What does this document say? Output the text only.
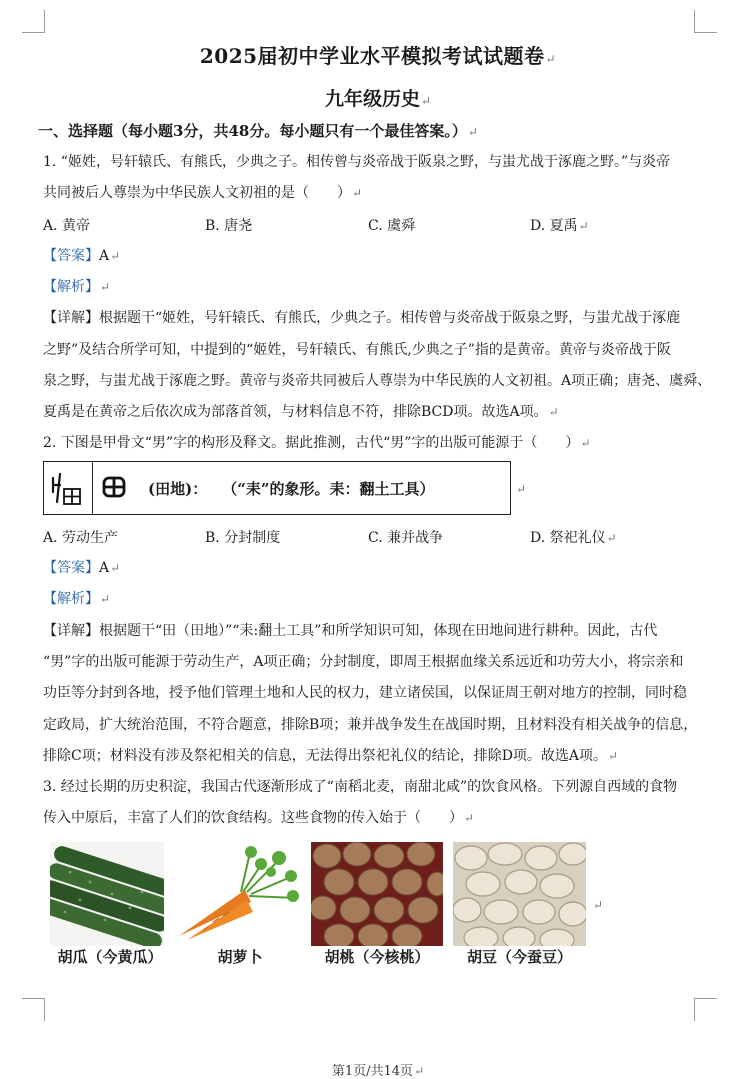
2025届初中学业水平模拟考试试题卷↵
九年级历史↵
一、选择题（每小题3分，共48分。每小题只有一个最佳答案。）↵
1. “姬姓，号轩辕氏、有熊氏，少典之子。相传曾与炎帝战于阪泉之野，与蚩尤战于涿鹿之野。”与炎帝
共同被后人尊崇为中华民族人文初祖的是（　　）↵
A. 黄帝	B. 唐尧	C. 虞舜	D. 夏禹↵
【答案】A↵
【解析】↵
【详解】根据题干“姬姓，号轩辕氏、有熊氏，少典之子。相传曾与炎帝战于阪泉之野，与蚩尤战于涿鹿
之野”及结合所学可知，中提到的“姬姓，号轩辕氏、有熊氏,少典之子”指的是黄帝。黄帝与炎帝战于阪
泉之野，与蚩尤战于涿鹿之野。黄帝与炎帝共同被后人尊崇为中华民族的人文初祖。A项正确；唐尧、虞舜、
夏禹是在黄帝之后依次成为部落首领，与材料信息不符，排除BCD项。故选A项。↵
2. 下图是甲骨文“男”字的构形及释文。据此推测，古代“男”字的出版可能源于（　　）↵
(田地)：　　（“耒”的象形。耒：翻土工具）	↵
A. 劳动生产	B. 分封制度	C. 兼并战争	D. 祭祀礼仪↵
【答案】A↵
【解析】↵
【详解】根据题干“田（田地）”“耒:翻土工具”和所学知识可知，体现在田地间进行耕种。因此，古代
“男”字的出版可能源于劳动生产，A项正确；分封制度，即周王根据血缘关系远近和功劳大小，将宗亲和
功臣等分封到各地，授予他们管理土地和人民的权力，建立诸侯国，以保证周王朝对地方的控制，同时稳
定政局，扩大统治范围，不符合题意，排除B项；兼并战争发生在战国时期，且材料没有相关战争的信息，
排除C项；材料没有涉及祭祀相关的信息，无法得出祭祀礼仪的结论，排除D项。故选A项。↵
3. 经过长期的历史积淀，我国古代逐渐形成了“南稻北麦，南甜北咸”的饮食风格。下列源自西域的食物
传入中原后，丰富了人们的饮食结构。这些食物的传入始于（　　）↵
↵
胡瓜（今黄瓜）	胡萝卜	胡桃（今核桃）	胡豆（今蚕豆）
第1页/共14页↵
